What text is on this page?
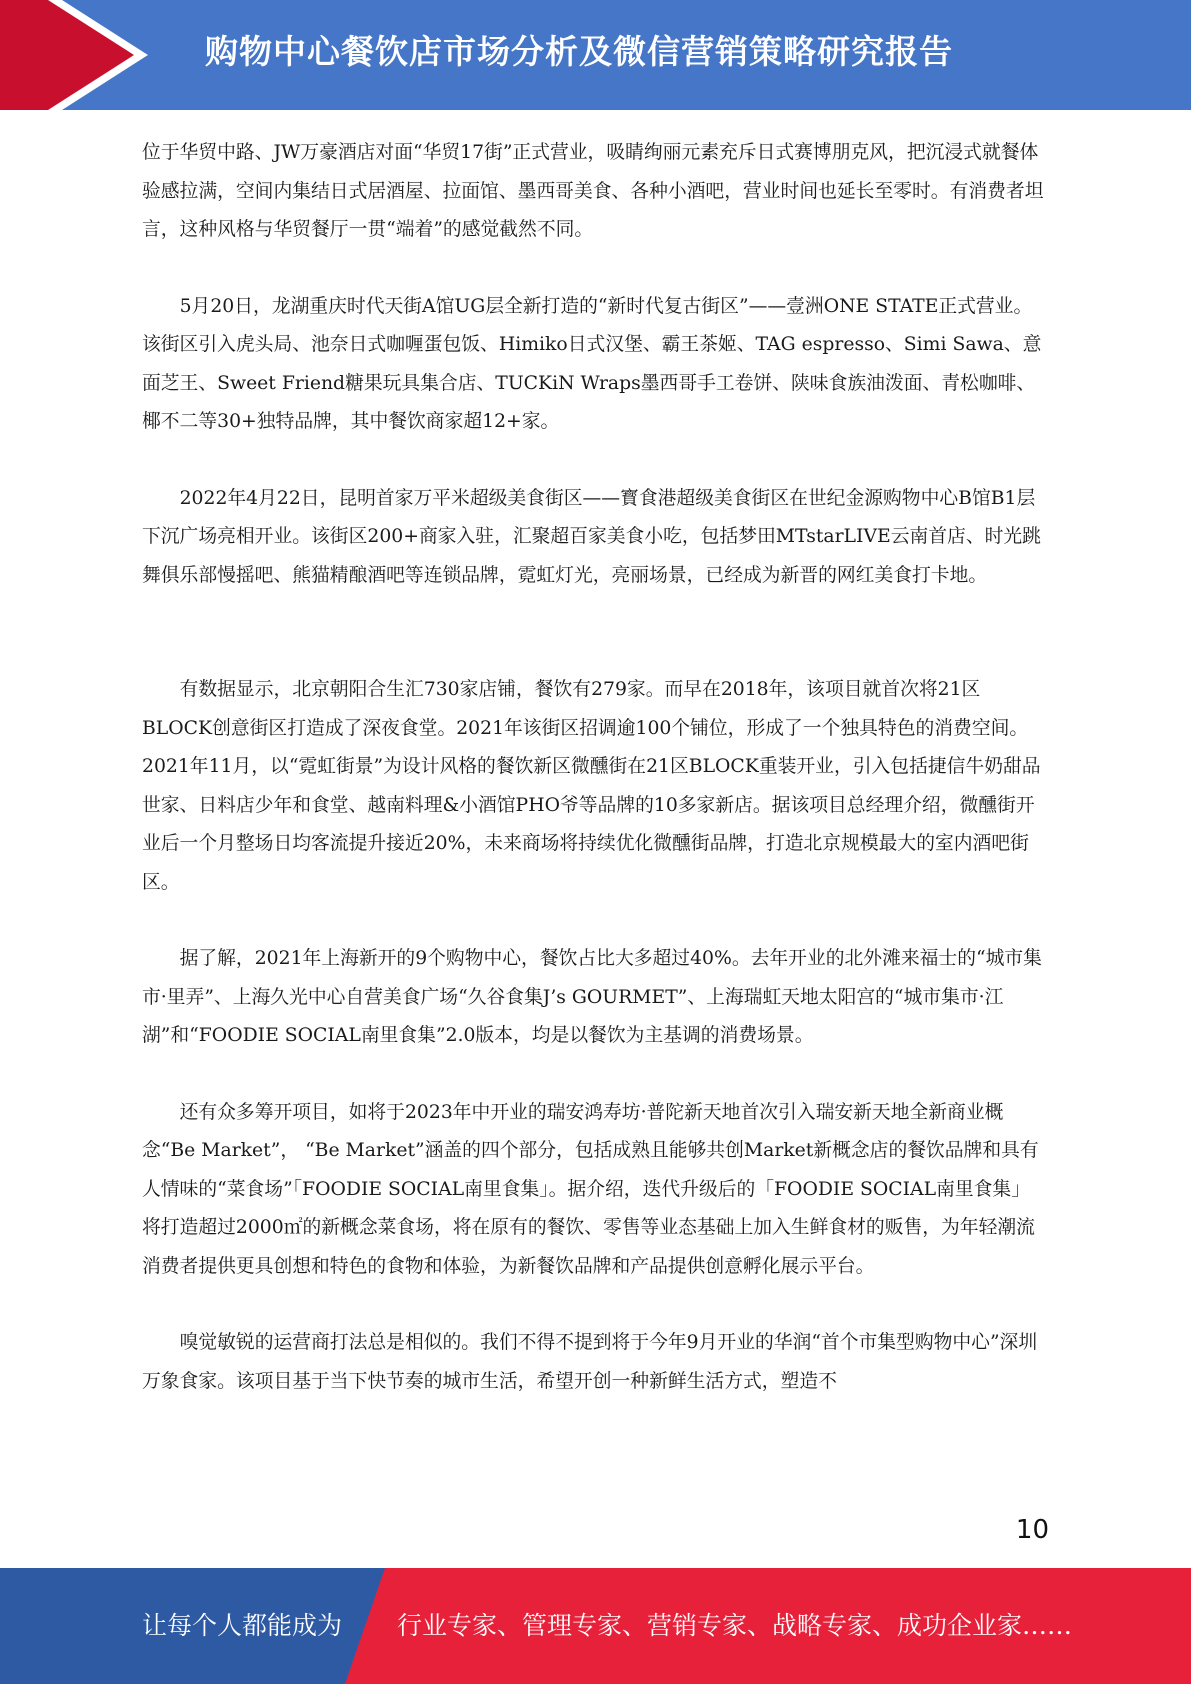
购物中心餐饮店市场分析及微信营销策略研究报告

位于华贸中路、JW万豪酒店对面“华贸17街”正式营业，吸睛绚丽元素充斥日式赛博朋克风，把沉浸式就餐体验感拉满，空间内集结日式居酒屋、拉面馆、墨西哥美食、各种小酒吧，营业时间也延长至零时。有消费者坦言，这种风格与华贸餐厅一贯“端着”的感觉截然不同。

5月20日，龙湖重庆时代天街A馆UG层全新打造的“新时代复古街区”——壹洲ONE STATE正式营业。该街区引入虎头局、池奈日式咖喱蛋包饭、Himiko日式汉堡、霸王茶姬、TAG espresso、Simi Sawa、意面芝王、Sweet Friend糖果玩具集合店、TUCKiN Wraps墨西哥手工卷饼、陕味食族油泼面、青松咖啡、椰不二等30+独特品牌，其中餐饮商家超12+家。

2022年4月22日，昆明首家万平米超级美食街区——寳食港超级美食街区在世纪金源购物中心B馆B1层下沉广场亮相开业。该街区200+商家入驻，汇聚超百家美食小吃，包括梦田MTstarLIVE云南首店、时光跳舞俱乐部慢摇吧、熊猫精酿酒吧等连锁品牌，霓虹灯光，亮丽场景，已经成为新晋的网红美食打卡地。

有数据显示，北京朝阳合生汇730家店铺，餐饮有279家。而早在2018年，该项目就首次将21区BLOCK创意街区打造成了深夜食堂。2021年该街区招调逾100个铺位，形成了一个独具特色的消费空间。2021年11月，以“霓虹街景”为设计风格的餐饮新区微醺街在21区BLOCK重装开业，引入包括捷信牛奶甜品世家、日料店少年和食堂、越南料理&小酒馆PHO爷等品牌的10多家新店。据该项目总经理介绍，微醺街开业后一个月整场日均客流提升接近20%，未来商场将持续优化微醺街品牌，打造北京规模最大的室内酒吧街区。

据了解，2021年上海新开的9个购物中心，餐饮占比大多超过40%。去年开业的北外滩来福士的“城市集市·里弄”、上海久光中心自营美食广场“久谷食集J’s GOURMET”、上海瑞虹天地太阳宫的“城市集市·江湖”和“FOODIE SOCIAL南里食集”2.0版本，均是以餐饮为主基调的消费场景。

还有众多筹开项目，如将于2023年中开业的瑞安鸿寿坊·普陀新天地首次引入瑞安新天地全新商业概念“Be Market”， “Be Market”涵盖的四个部分，包括成熟且能够共创Market新概念店的餐饮品牌和具有人情味的“菜食场”「FOODIE SOCIAL南里食集」。据介绍，迭代升级后的「FOODIE SOCIAL南里食集」将打造超过2000㎡的新概念菜食场，将在原有的餐饮、零售等业态基础上加入生鲜食材的贩售，为年轻潮流消费者提供更具创想和特色的食物和体验，为新餐饮品牌和产品提供创意孵化展示平台。

嗅觉敏锐的运营商打法总是相似的。我们不得不提到将于今年9月开业的华润“首个市集型购物中心”深圳万象食家。该项目基于当下快节奏的城市生活，希望开创一种新鲜生活方式，塑造不

10
让每个人都能成为 行业专家、管理专家、营销专家、战略专家、成功企业家……
